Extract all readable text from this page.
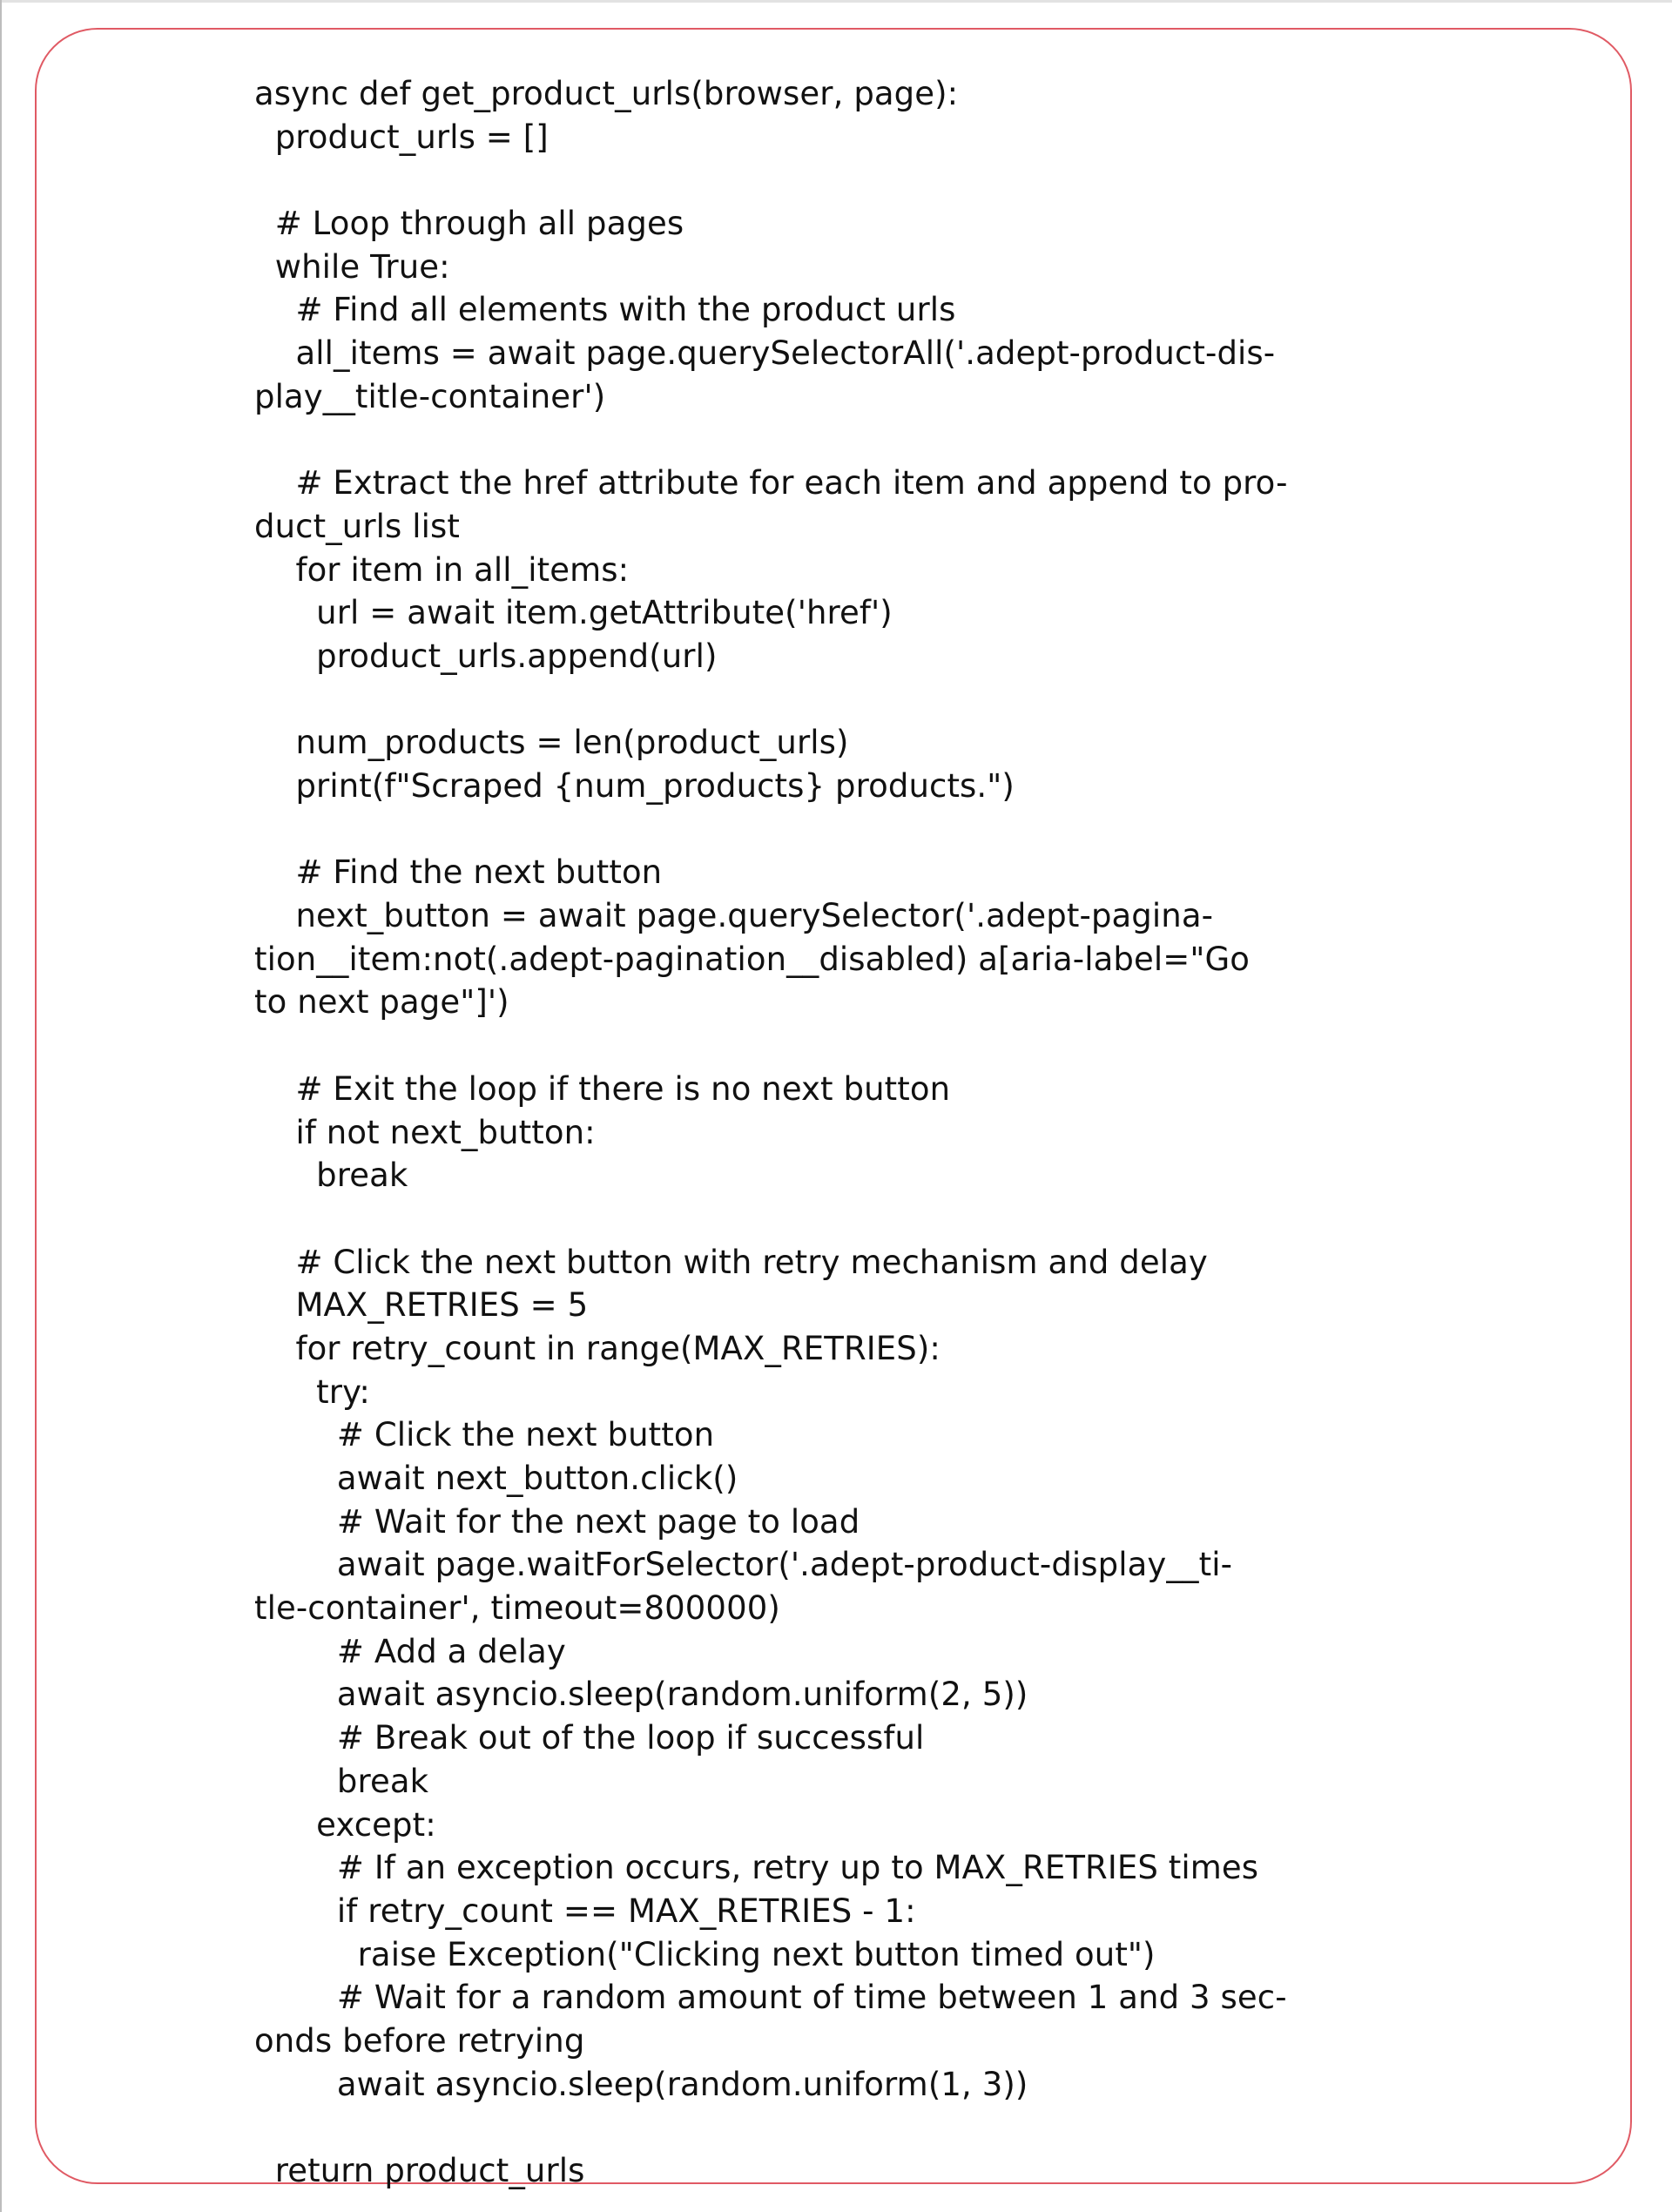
async def get_product_urls(browser, page):
product_urls = []
# Loop through all pages
while True:
# Find all elements with the product urls
all_items = await page.querySelectorAll('.adept-product-dis-
play__title-container')
# Extract the href attribute for each item and append to pro-
duct_urls list
for item in all_items:
url = await item.getAttribute('href')
product_urls.append(url)
num_products = len(product_urls)
print(f"Scraped {num_products} products.")
# Find the next button
next_button = await page.querySelector('.adept-pagina-
tion__item:not(.adept-pagination__disabled) a[aria-label="Go
to next page"]')
# Exit the loop if there is no next button
if not next_button:
break
# Click the next button with retry mechanism and delay
MAX_RETRIES = 5
for retry_count in range(MAX_RETRIES):
try:
# Click the next button
await next_button.click()
# Wait for the next page to load
await page.waitForSelector('.adept-product-display__ti-
tle-container', timeout=800000)
# Add a delay
await asyncio.sleep(random.uniform(2, 5))
# Break out of the loop if successful
break
except:
# If an exception occurs, retry up to MAX_RETRIES times
if retry_count == MAX_RETRIES - 1:
raise Exception("Clicking next button timed out")
# Wait for a random amount of time between 1 and 3 sec-
onds before retrying
await asyncio.sleep(random.uniform(1, 3))
return product_urls
